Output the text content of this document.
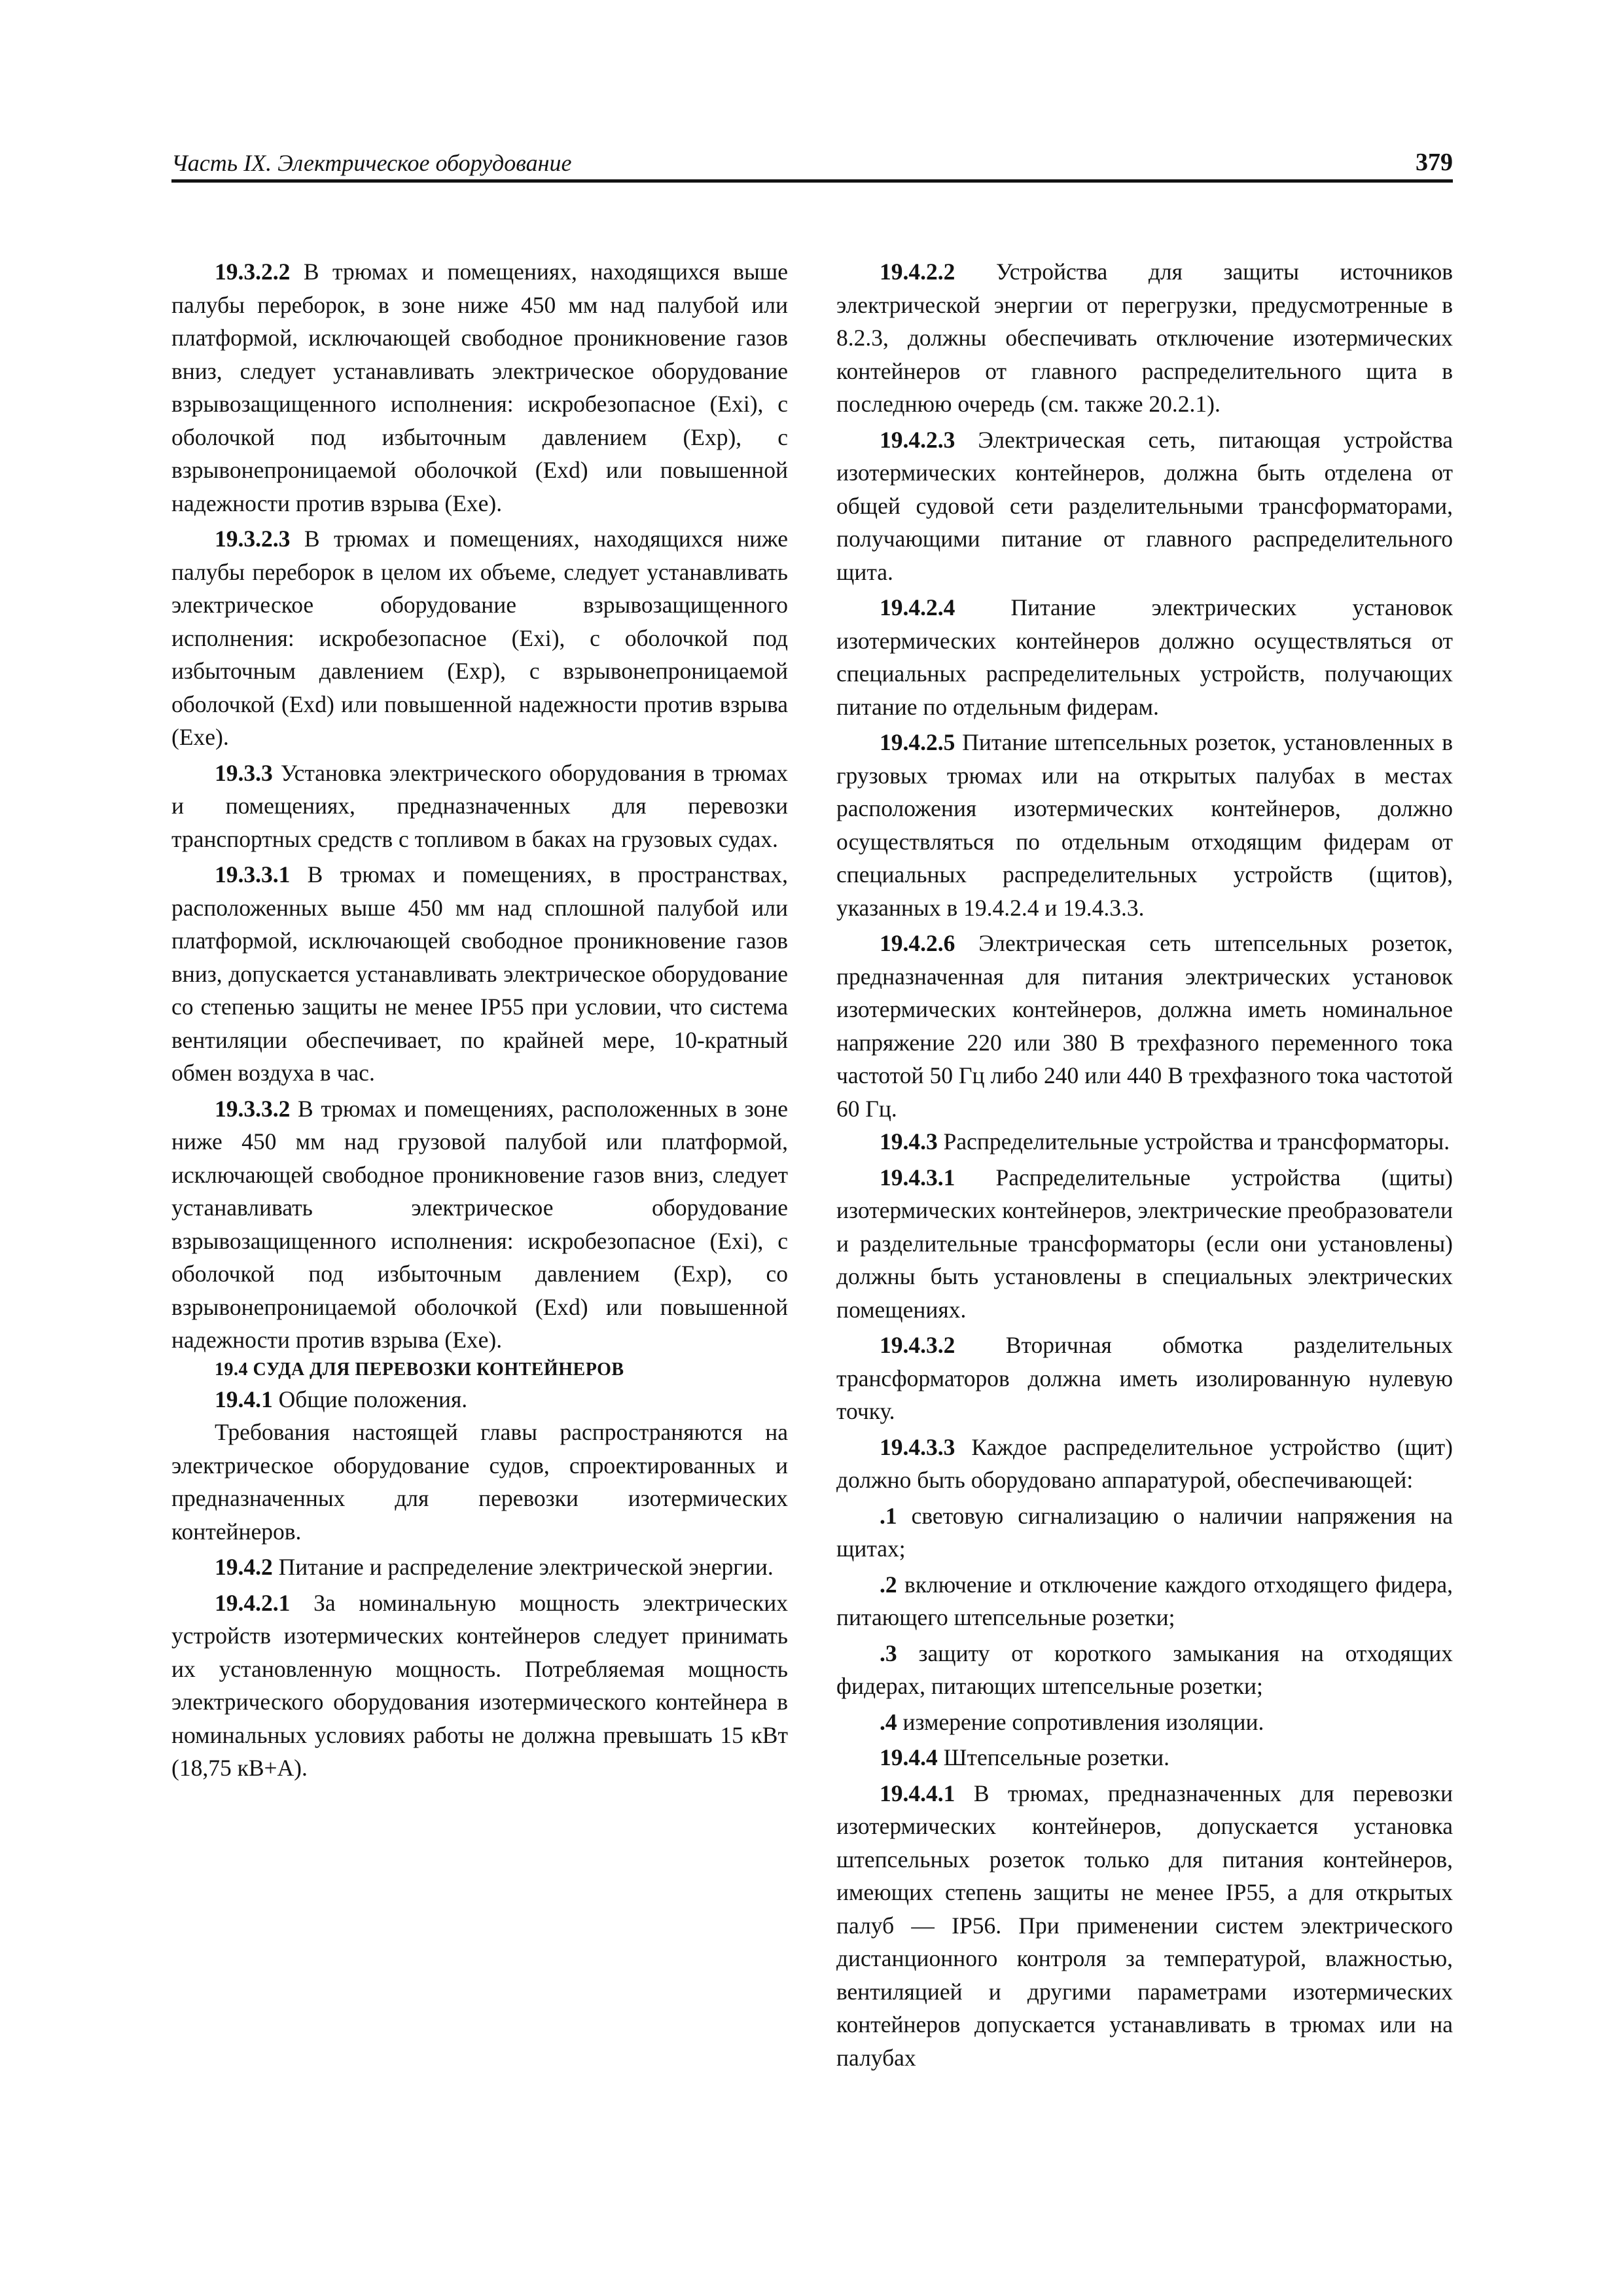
Часть IX. Электрическое оборудование	379

19.3.2.2 В трюмах и помещениях, находящихся выше палубы переборок, в зоне ниже 450 мм над палубой или платформой, исключающей свободное проникновение газов вниз, следует устанавливать электрическое оборудование взрывозащищенного исполнения: искробезопасное (Exi), с оболочкой под избыточным давлением (Exp), с взрывонепроницаемой оболочкой (Exd) или повышенной надежности против взрыва (Exe).

19.3.2.3 В трюмах и помещениях, находящихся ниже палубы переборок в целом их объеме, следует устанавливать электрическое оборудование взрывозащищенного исполнения: искробезопасное (Exi), с оболочкой под избыточным давлением (Exp), с взрывонепроницаемой оболочкой (Exd) или повышенной надежности против взрыва (Exe).

19.3.3 Установка электрического оборудования в трюмах и помещениях, предназначенных для перевозки транспортных средств с топливом в баках на грузовых судах.

19.3.3.1 В трюмах и помещениях, в пространствах, расположенных выше 450 мм над сплошной палубой или платформой, исключающей свободное проникновение газов вниз, допускается устанавливать электрическое оборудование со степенью защиты не менее IP55 при условии, что система вентиляции обеспечивает, по крайней мере, 10-кратный обмен воздуха в час.

19.3.3.2 В трюмах и помещениях, расположенных в зоне ниже 450 мм над грузовой палубой или платформой, исключающей свободное проникновение газов вниз, следует устанавливать электрическое оборудование взрывозащищенного исполнения: искробезопасное (Exi), с оболочкой под избыточным давлением (Exp), со взрывонепроницаемой оболочкой (Exd) или повышенной надежности против взрыва (Exe).

19.4 СУДА ДЛЯ ПЕРЕВОЗКИ КОНТЕЙНЕРОВ

19.4.1 Общие положения.

Требования настоящей главы распространяются на электрическое оборудование судов, спроектированных и предназначенных для перевозки изотермических контейнеров.

19.4.2 Питание и распределение электрической энергии.

19.4.2.1 За номинальную мощность электрических устройств изотермических контейнеров следует принимать их установленную мощность. Потребляемая мощность электрического оборудования изотермического контейнера в номинальных условиях работы не должна превышать 15 кВт (18,75 кВ+А).

19.4.2.2 Устройства для защиты источников электрической энергии от перегрузки, предусмотренные в 8.2.3, должны обеспечивать отключение изотермических контейнеров от главного распределительного щита в последнюю очередь (см. также 20.2.1).

19.4.2.3 Электрическая сеть, питающая устройства изотермических контейнеров, должна быть отделена от общей судовой сети разделительными трансформаторами, получающими питание от главного распределительного щита.

19.4.2.4 Питание электрических установок изотермических контейнеров должно осуществляться от специальных распределительных устройств, получающих питание по отдельным фидерам.

19.4.2.5 Питание штепсельных розеток, установленных в грузовых трюмах или на открытых палубах в местах расположения изотермических контейнеров, должно осуществляться по отдельным отходящим фидерам от специальных распределительных устройств (щитов), указанных в 19.4.2.4 и 19.4.3.3.

19.4.2.6 Электрическая сеть штепсельных розеток, предназначенная для питания электрических установок изотермических контейнеров, должна иметь номинальное напряжение 220 или 380 В трехфазного переменного тока частотой 50 Гц либо 240 или 440 В трехфазного тока частотой 60 Гц.

19.4.3 Распределительные устройства и трансформаторы.

19.4.3.1 Распределительные устройства (щиты) изотермических контейнеров, электрические преобразователи и разделительные трансформаторы (если они установлены) должны быть установлены в специальных электрических помещениях.

19.4.3.2 Вторичная обмотка разделительных трансформаторов должна иметь изолированную нулевую точку.

19.4.3.3 Каждое распределительное устройство (щит) должно быть оборудовано аппаратурой, обеспечивающей:

.1 световую сигнализацию о наличии напряжения на щитах;

.2 включение и отключение каждого отходящего фидера, питающего штепсельные розетки;

.3 защиту от короткого замыкания на отходящих фидерах, питающих штепсельные розетки;

.4 измерение сопротивления изоляции.

19.4.4 Штепсельные розетки.

19.4.4.1 В трюмах, предназначенных для перевозки изотермических контейнеров, допускается установка штепсельных розеток только для питания контейнеров, имеющих степень защиты не менее IP55, а для открытых палуб — IP56. При применении систем электрического дистанционного контроля за температурой, влажностью, вентиляцией и другими параметрами изотермических контейнеров допускается устанавливать в трюмах или на палубах
